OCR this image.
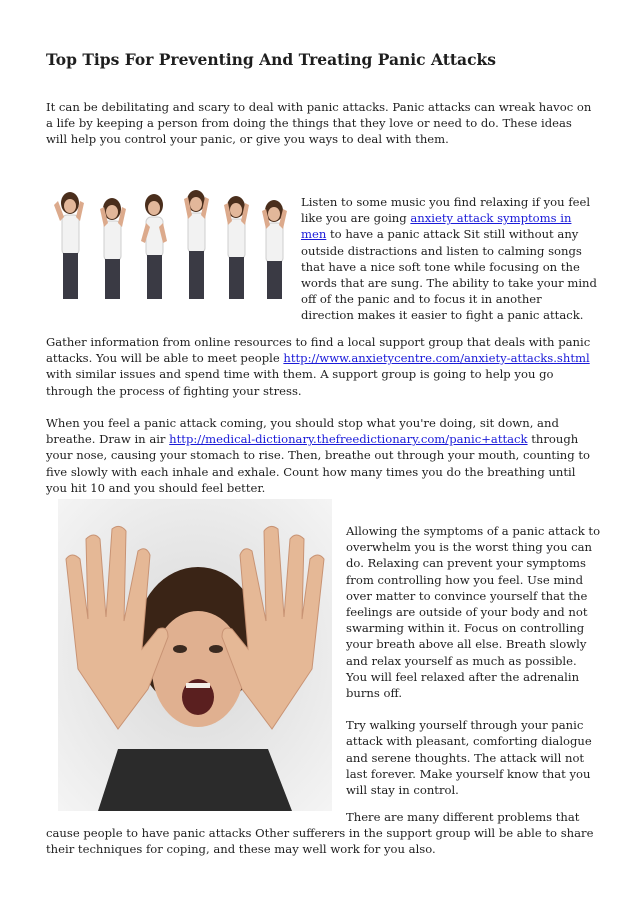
Top Tips For Preventing And Treating Panic Attacks

It can be debilitating and scary to deal with panic attacks. Panic attacks can wreak havoc on a life by keeping a person from doing the things that they love or need to do. These ideas will help you control your panic, or give you ways to deal with them.

Listen to some music you find relaxing if you feel like you are going anxiety attack symptoms in men to have a panic attack Sit still without any outside distractions and listen to calming songs that have a nice soft tone while focusing on the words that are sung. The ability to take your mind off of the panic and to focus it in another direction makes it easier to fight a panic attack.

Gather information from online resources to find a local support group that deals with panic attacks. You will be able to meet people http://www.anxietycentre.com/anxiety-attacks.shtml with similar issues and spend time with them. A support group is going to help you go through the process of fighting your stress.

When you feel a panic attack coming, you should stop what you're doing, sit down, and breathe. Draw in air http://medical-dictionary.thefreedictionary.com/panic+attack through your nose, causing your stomach to rise. Then, breathe out through your mouth, counting to five slowly with each inhale and exhale. Count how many times you do the breathing until you hit 10 and you should feel better.

Allowing the symptoms of a panic attack to overwhelm you is the worst thing you can do. Relaxing can prevent your symptoms from controlling how you feel. Use mind over matter to convince yourself that the feelings are outside of your body and not swarming within it. Focus on controlling your breath above all else. Breath slowly and relax yourself as much as possible. You will feel relaxed after the adrenalin burns off.

Try walking yourself through your panic attack with pleasant, comforting dialogue and serene thoughts. The attack will not last forever. Make yourself know that you will stay in control.

There are many different problems that cause people to have panic attacks Other sufferers in the support group will be able to share their techniques for coping, and these may well work for you also.
